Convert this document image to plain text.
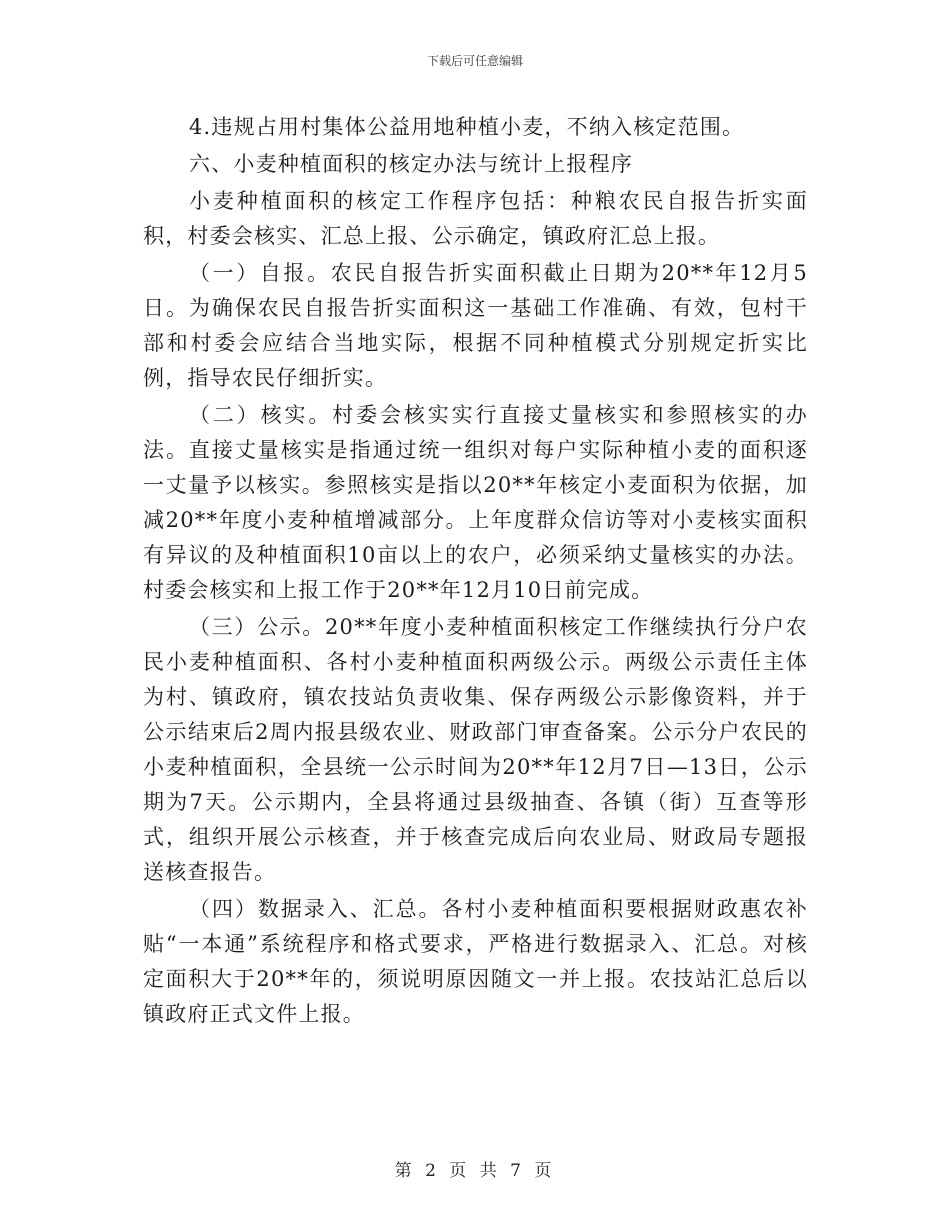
下载后可任意编辑

4.违规占用村集体公益用地种植小麦，不纳入核定范围。

六、小麦种植面积的核定办法与统计上报程序

小麦种植面积的核定工作程序包括：种粮农民自报告折实面积，村委会核实、汇总上报、公示确定，镇政府汇总上报。

（一）自报。农民自报告折实面积截止日期为20**年12月5日。为确保农民自报告折实面积这一基础工作准确、有效，包村干部和村委会应结合当地实际，根据不同种植模式分别规定折实比例，指导农民仔细折实。

（二）核实。村委会核实实行直接丈量核实和参照核实的办法。直接丈量核实是指通过统一组织对每户实际种植小麦的面积逐一丈量予以核实。参照核实是指以20**年核定小麦面积为依据，加减20**年度小麦种植增减部分。上年度群众信访等对小麦核实面积有异议的及种植面积10亩以上的农户，必须采纳丈量核实的办法。村委会核实和上报工作于20**年12月10日前完成。

（三）公示。20**年度小麦种植面积核定工作继续执行分户农民小麦种植面积、各村小麦种植面积两级公示。两级公示责任主体为村、镇政府，镇农技站负责收集、保存两级公示影像资料，并于公示结束后2周内报县级农业、财政部门审查备案。公示分户农民的小麦种植面积，全县统一公示时间为20**年12月7日—13日，公示期为7天。公示期内，全县将通过县级抽查、各镇（街）互查等形式，组织开展公示核查，并于核查完成后向农业局、财政局专题报送核查报告。

（四）数据录入、汇总。各村小麦种植面积要根据财政惠农补贴“一本通”系统程序和格式要求，严格进行数据录入、汇总。对核定面积大于20**年的，须说明原因随文一并上报。农技站汇总后以镇政府正式文件上报。

第 2 页 共 7 页
